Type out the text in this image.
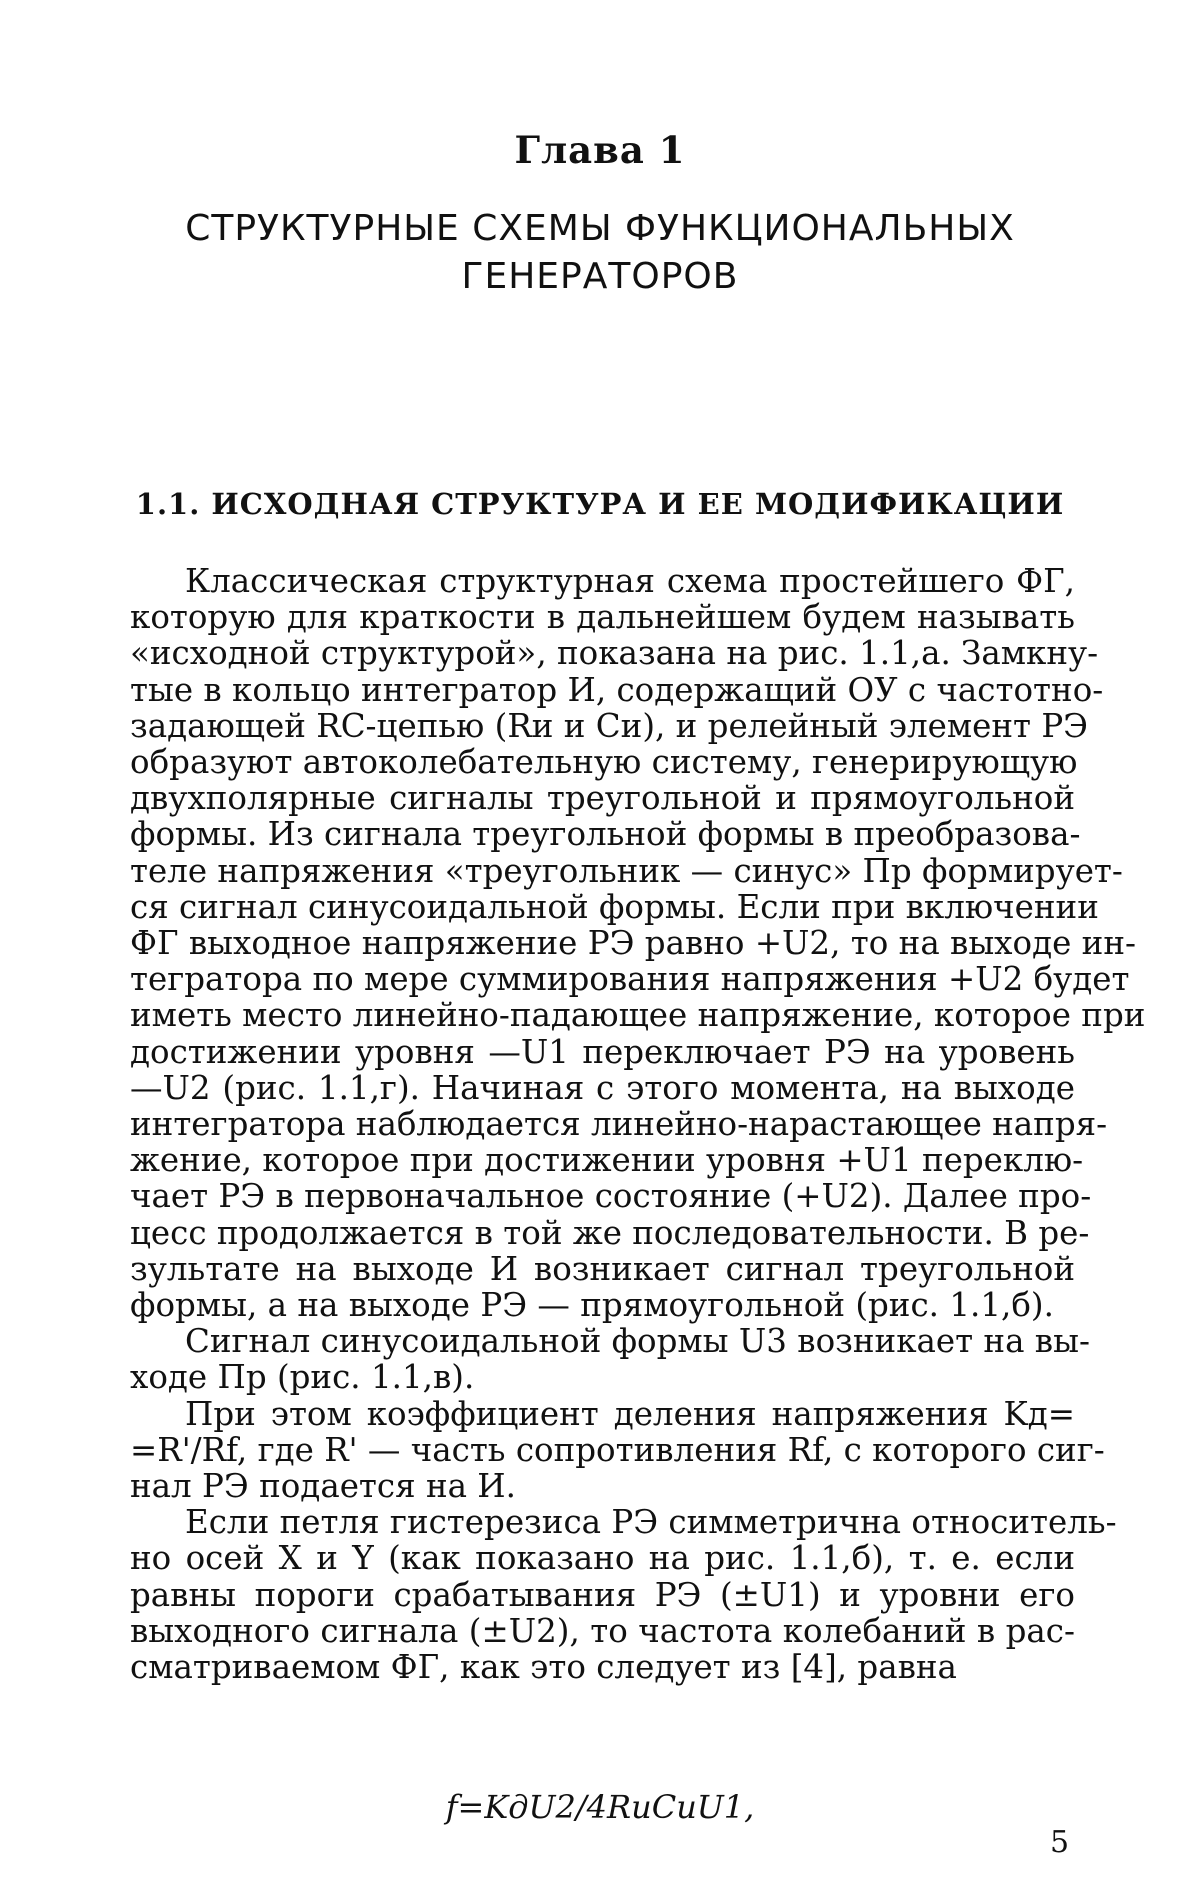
Глава 1
СТРУКТУРНЫЕ СХЕМЫ ФУНКЦИОНАЛЬНЫХ
ГЕНЕРАТОРОВ
1.1. ИСХОДНАЯ СТРУКТУРА И ЕЕ МОДИФИКАЦИИ
Классическая структурная схема простейшего ФГ,
которую для краткости в дальнейшем будем называть
«исходной структурой», показана на рис. 1.1,а. Замкну-
тые в кольцо интегратор И, содержащий ОУ с частотно-
задающей RC-цепью (Rи и Cи), и релейный элемент РЭ
образуют автоколебательную систему, генерирующую
двухполярные сигналы треугольной и прямоугольной
формы. Из сигнала треугольной формы в преобразова-
теле напряжения «треугольник — синус» Пр формирует-
ся сигнал синусоидальной формы. Если при включении
ФГ выходное напряжение РЭ равно +U2, то на выходе ин-
тегратора по мере суммирования напряжения +U2 будет
иметь место линейно-падающее напряжение, которое при
достижении уровня —U1 переключает РЭ на уровень
—U2 (рис. 1.1,г). Начиная с этого момента, на выходе
интегратора наблюдается линейно-нарастающее напря-
жение, которое при достижении уровня +U1 переклю-
чает РЭ в первоначальное состояние (+U2). Далее про-
цесс продолжается в той же последовательности. В ре-
зультате на выходе И возникает сигнал треугольной
формы, а на выходе РЭ — прямоугольной (рис. 1.1,б).
Сигнал синусоидальной формы U3 возникает на вы-
ходе Пр (рис. 1.1,в).
При этом коэффициент деления напряжения Kд=
=R'/Rf, где R' — часть сопротивления Rf, с которого сиг-
нал РЭ подается на И.
Если петля гистерезиса РЭ симметрична относитель-
но осей X и Y (как показано на рис. 1.1,б), т. е. если
равны пороги срабатывания РЭ (±U1) и уровни его
выходного сигнала (±U2), то частота колебаний в рас-
сматриваемом ФГ, как это следует из [4], равна
f=KдU2/4RиCиU1,
5
